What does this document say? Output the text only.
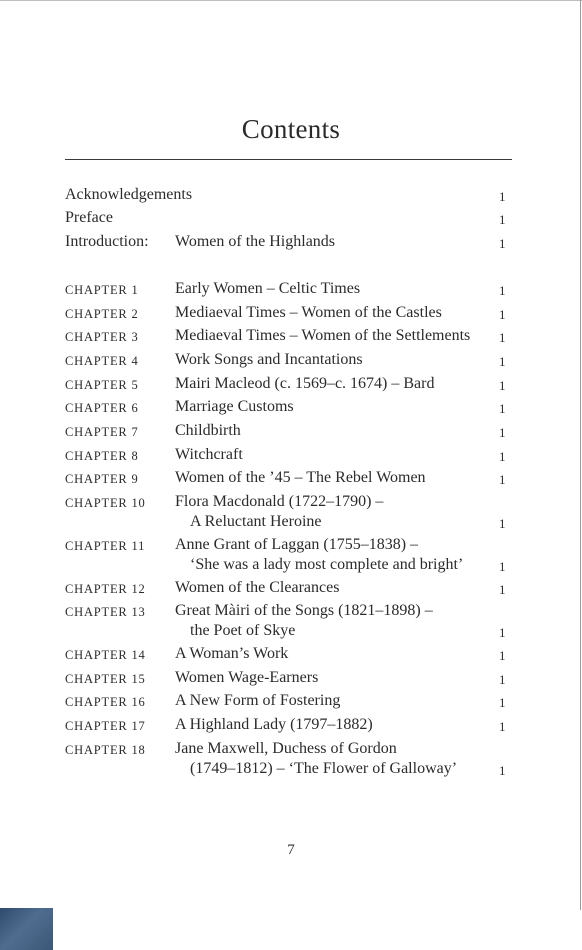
Contents
Acknowledgements	1
Preface	1
Introduction: Women of the Highlands	1
CHAPTER 1 Early Women – Celtic Times	1
CHAPTER 2 Mediaeval Times – Women of the Castles	1
CHAPTER 3 Mediaeval Times – Women of the Settlements 1
CHAPTER 4 Work Songs and Incantations	1
CHAPTER 5 Mairi Macleod (c. 1569–c. 1674) – Bard	1
CHAPTER 6 Marriage Customs	1
CHAPTER 7 Childbirth	1
CHAPTER 8 Witchcraft	1
CHAPTER 9 Women of the ’45 – The Rebel Women	1
CHAPTER 10 Flora Macdonald (1722–1790) –
A Reluctant Heroine	1
CHAPTER 11 Anne Grant of Laggan (1755–1838) –
‘She was a lady most complete and bright’	1
CHAPTER 12 Women of the Clearances	1
CHAPTER 13 Great Màiri of the Songs (1821–1898) –
the Poet of Skye	1
CHAPTER 14 A Woman’s Work	1
CHAPTER 15 Women Wage-Earners	1
CHAPTER 16 A New Form of Fostering	1
CHAPTER 17 A Highland Lady (1797–1882)	1
CHAPTER 18 Jane Maxwell, Duchess of Gordon
(1749–1812) – ‘The Flower of Galloway’	1
7
